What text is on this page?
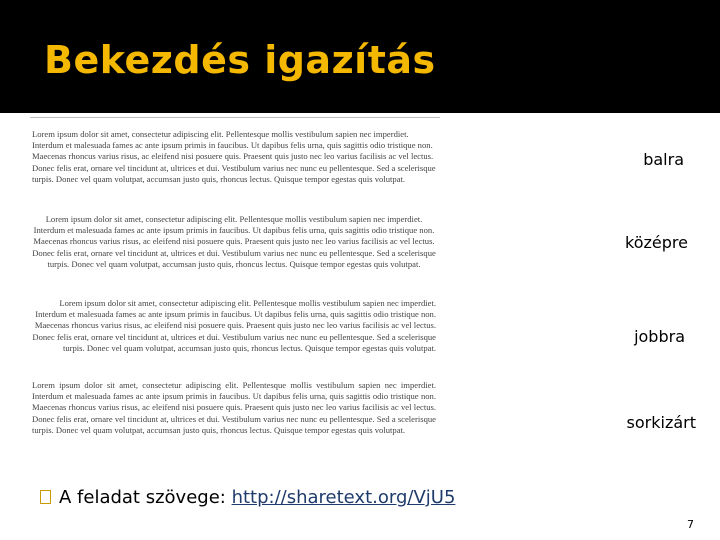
Bekezdés igazítás

Lorem ipsum dolor sit amet, consectetur adipiscing elit. Pellentesque mollis vestibulum sapien nec imperdiet. Interdum et malesuada fames ac ante ipsum primis in faucibus. Ut dapibus felis urna, quis sagittis odio tristique non. Maecenas rhoncus varius risus, ac eleifend nisi posuere quis. Praesent quis justo nec leo varius facilisis ac vel lectus. Donec felis erat, ornare vel tincidunt at, ultrices et dui. Vestibulum varius nec nunc eu pellentesque. Sed a scelerisque turpis. Donec vel quam volutpat, accumsan justo quis, rhoncus lectus. Quisque tempor egestas quis volutpat.

Lorem ipsum dolor sit amet, consectetur adipiscing elit. Pellentesque mollis vestibulum sapien nec imperdiet. Interdum et malesuada fames ac ante ipsum primis in faucibus. Ut dapibus felis urna, quis sagittis odio tristique non. Maecenas rhoncus varius risus, ac eleifend nisi posuere quis. Praesent quis justo nec leo varius facilisis ac vel lectus. Donec felis erat, ornare vel tincidunt at, ultrices et dui. Vestibulum varius nec nunc eu pellentesque. Sed a scelerisque turpis. Donec vel quam volutpat, accumsan justo quis, rhoncus lectus. Quisque tempor egestas quis volutpat.

Lorem ipsum dolor sit amet, consectetur adipiscing elit. Pellentesque mollis vestibulum sapien nec imperdiet. Interdum et malesuada fames ac ante ipsum primis in faucibus. Ut dapibus felis urna, quis sagittis odio tristique non. Maecenas rhoncus varius risus, ac eleifend nisi posuere quis. Praesent quis justo nec leo varius facilisis ac vel lectus. Donec felis erat, ornare vel tincidunt at, ultrices et dui. Vestibulum varius nec nunc eu pellentesque. Sed a scelerisque turpis. Donec vel quam volutpat, accumsan justo quis, rhoncus lectus. Quisque tempor egestas quis volutpat.

Lorem ipsum dolor sit amet, consectetur adipiscing elit. Pellentesque mollis vestibulum sapien nec imperdiet. Interdum et malesuada fames ac ante ipsum primis in faucibus. Ut dapibus felis urna, quis sagittis odio tristique non. Maecenas rhoncus varius risus, ac eleifend nisi posuere quis. Praesent quis justo nec leo varius facilisis ac vel lectus. Donec felis erat, ornare vel tincidunt at, ultrices et dui. Vestibulum varius nec nunc eu pellentesque. Sed a scelerisque turpis. Donec vel quam volutpat, accumsan justo quis, rhoncus lectus. Quisque tempor egestas quis volutpat.

balra
középre
jobbra
sorkizárt
A feladat szövege: http://sharetext.org/VjU5
7
